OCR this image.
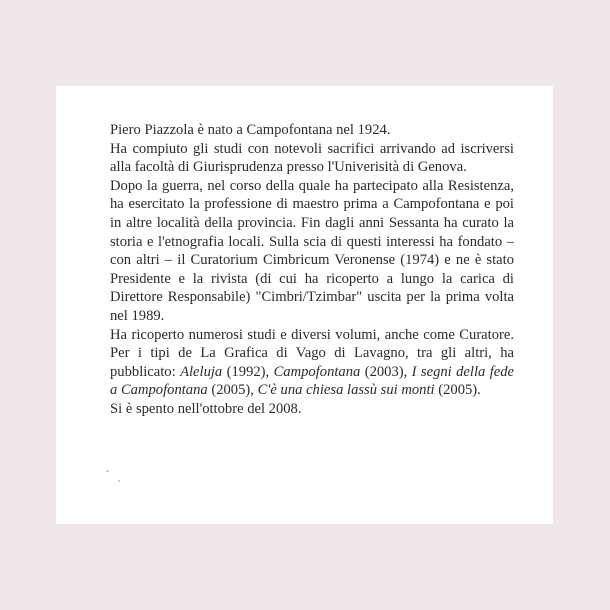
Piero Piazzola è nato a Campofontana nel 1924.

Ha compiuto gli studi con notevoli sacrifici arrivando ad iscriversi alla facoltà di Giurisprudenza presso l'Univerisità di Genova.

Dopo la guerra, nel corso della quale ha partecipato alla Resistenza, ha esercitato la professione di maestro prima a Campofontana e poi in altre località della provincia. Fin dagli anni Sessanta ha curato la storia e l'etnografia locali. Sulla scia di questi interessi ha fondato – con altri – il Curatorium Cimbricum Veronense (1974) e ne è stato Presidente e la rivista (di cui ha ricoperto a lungo la carica di Direttore Responsabile) "Cimbri/Tzimbar" uscita per la prima volta nel 1989.

Ha ricoperto numerosi studi e diversi volumi, anche come Curatore. Per i tipi de La Grafica di Vago di Lavagno, tra gli altri, ha pubblicato: Aleluja (1992), Campofontana (2003), I segni della fede a Campofontana (2005), C'è una chiesa lassù sui monti (2005).

Si è spento nell'ottobre del 2008.
